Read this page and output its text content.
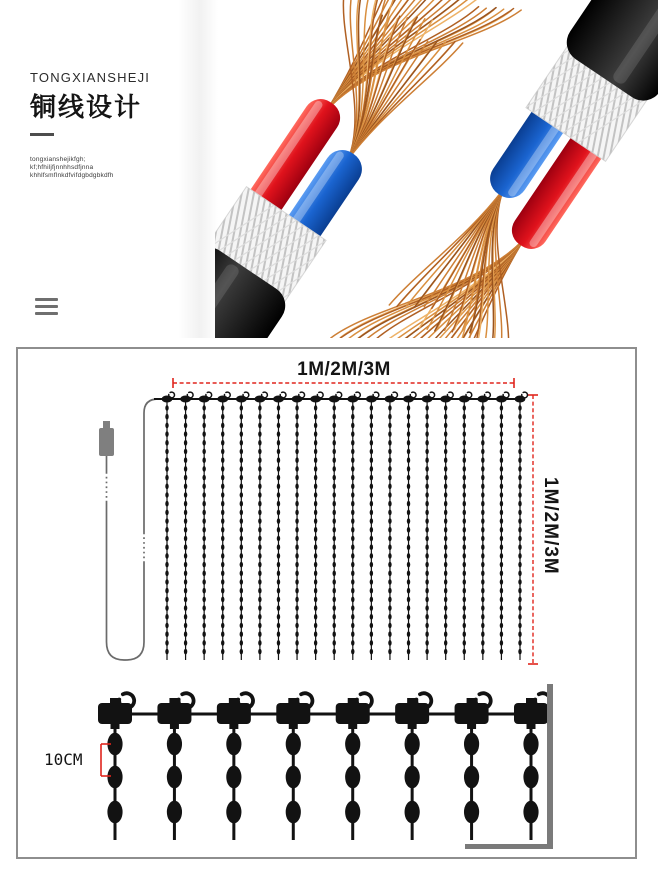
TONGXIANSHEJI
铜线设计
tongxianshejikfgh;
kf;hfhiljfjnnhhsdfjnna
khhlfsmflnkdfvifdgbdgbkdfh
1M/2M/3M
1M/2M/3M
10CM
